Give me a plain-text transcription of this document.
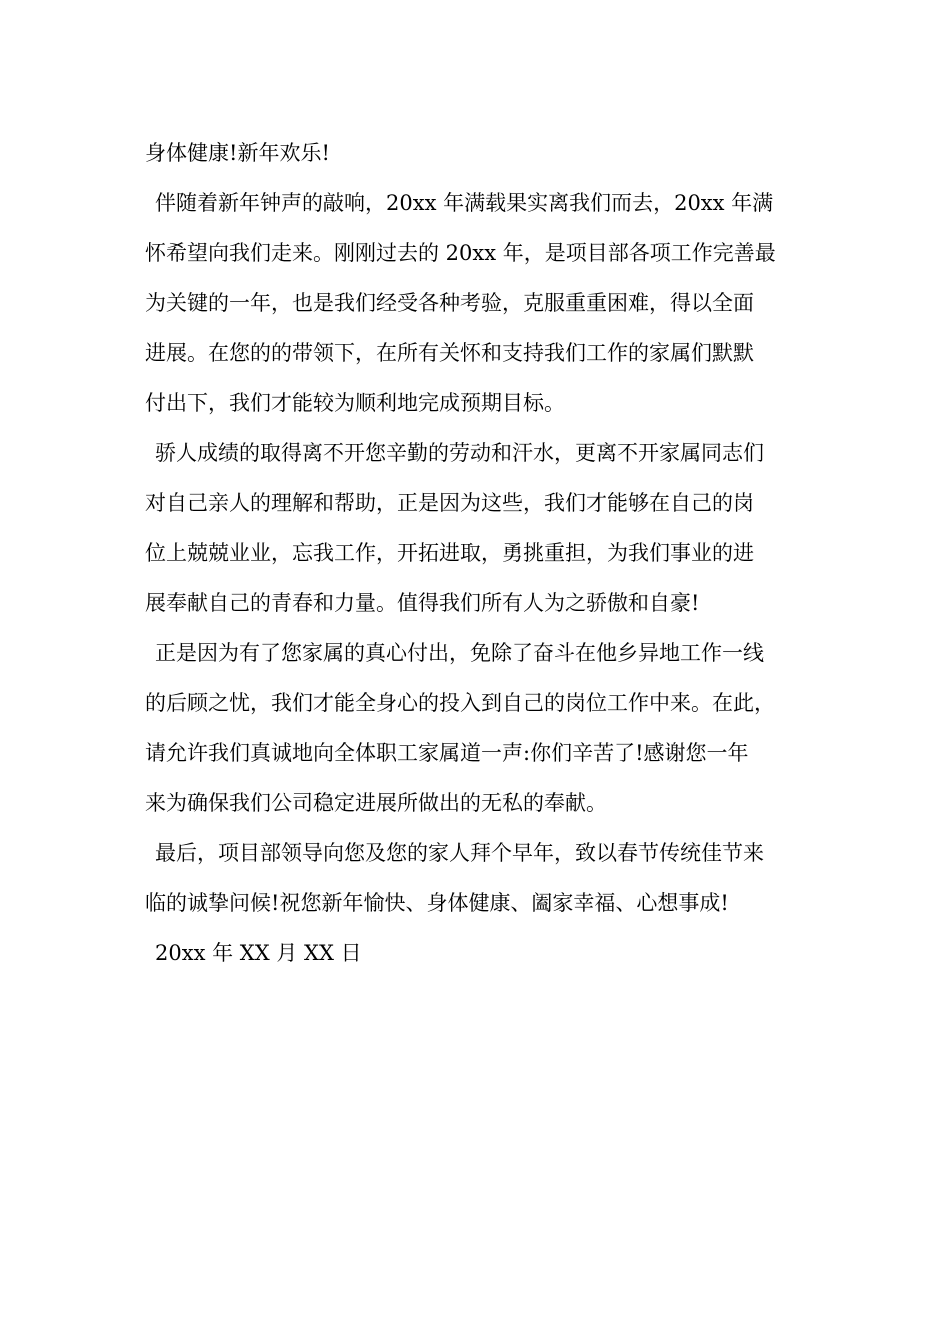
身体健康!新年欢乐!
伴随着新年钟声的敲响，20xx 年满载果实离我们而去，20xx 年满
怀希望向我们走来。刚刚过去的 20xx 年，是项目部各项工作完善最
为关键的一年，也是我们经受各种考验，克服重重困难，得以全面
进展。在您的的带领下，在所有关怀和支持我们工作的家属们默默
付出下，我们才能较为顺利地完成预期目标。
骄人成绩的取得离不开您辛勤的劳动和汗水，更离不开家属同志们
对自己亲人的理解和帮助，正是因为这些，我们才能够在自己的岗
位上兢兢业业，忘我工作，开拓进取，勇挑重担，为我们事业的进
展奉献自己的青春和力量。值得我们所有人为之骄傲和自豪!
正是因为有了您家属的真心付出，免除了奋斗在他乡异地工作一线
的后顾之忧，我们才能全身心的投入到自己的岗位工作中来。在此，
请允许我们真诚地向全体职工家属道一声:你们辛苦了!感谢您一年
来为确保我们公司稳定进展所做出的无私的奉献。
最后，项目部领导向您及您的家人拜个早年，致以春节传统佳节来
临的诚挚问候!祝您新年愉快、身体健康、阖家幸福、心想事成!
20xx 年 XX 月 XX 日
